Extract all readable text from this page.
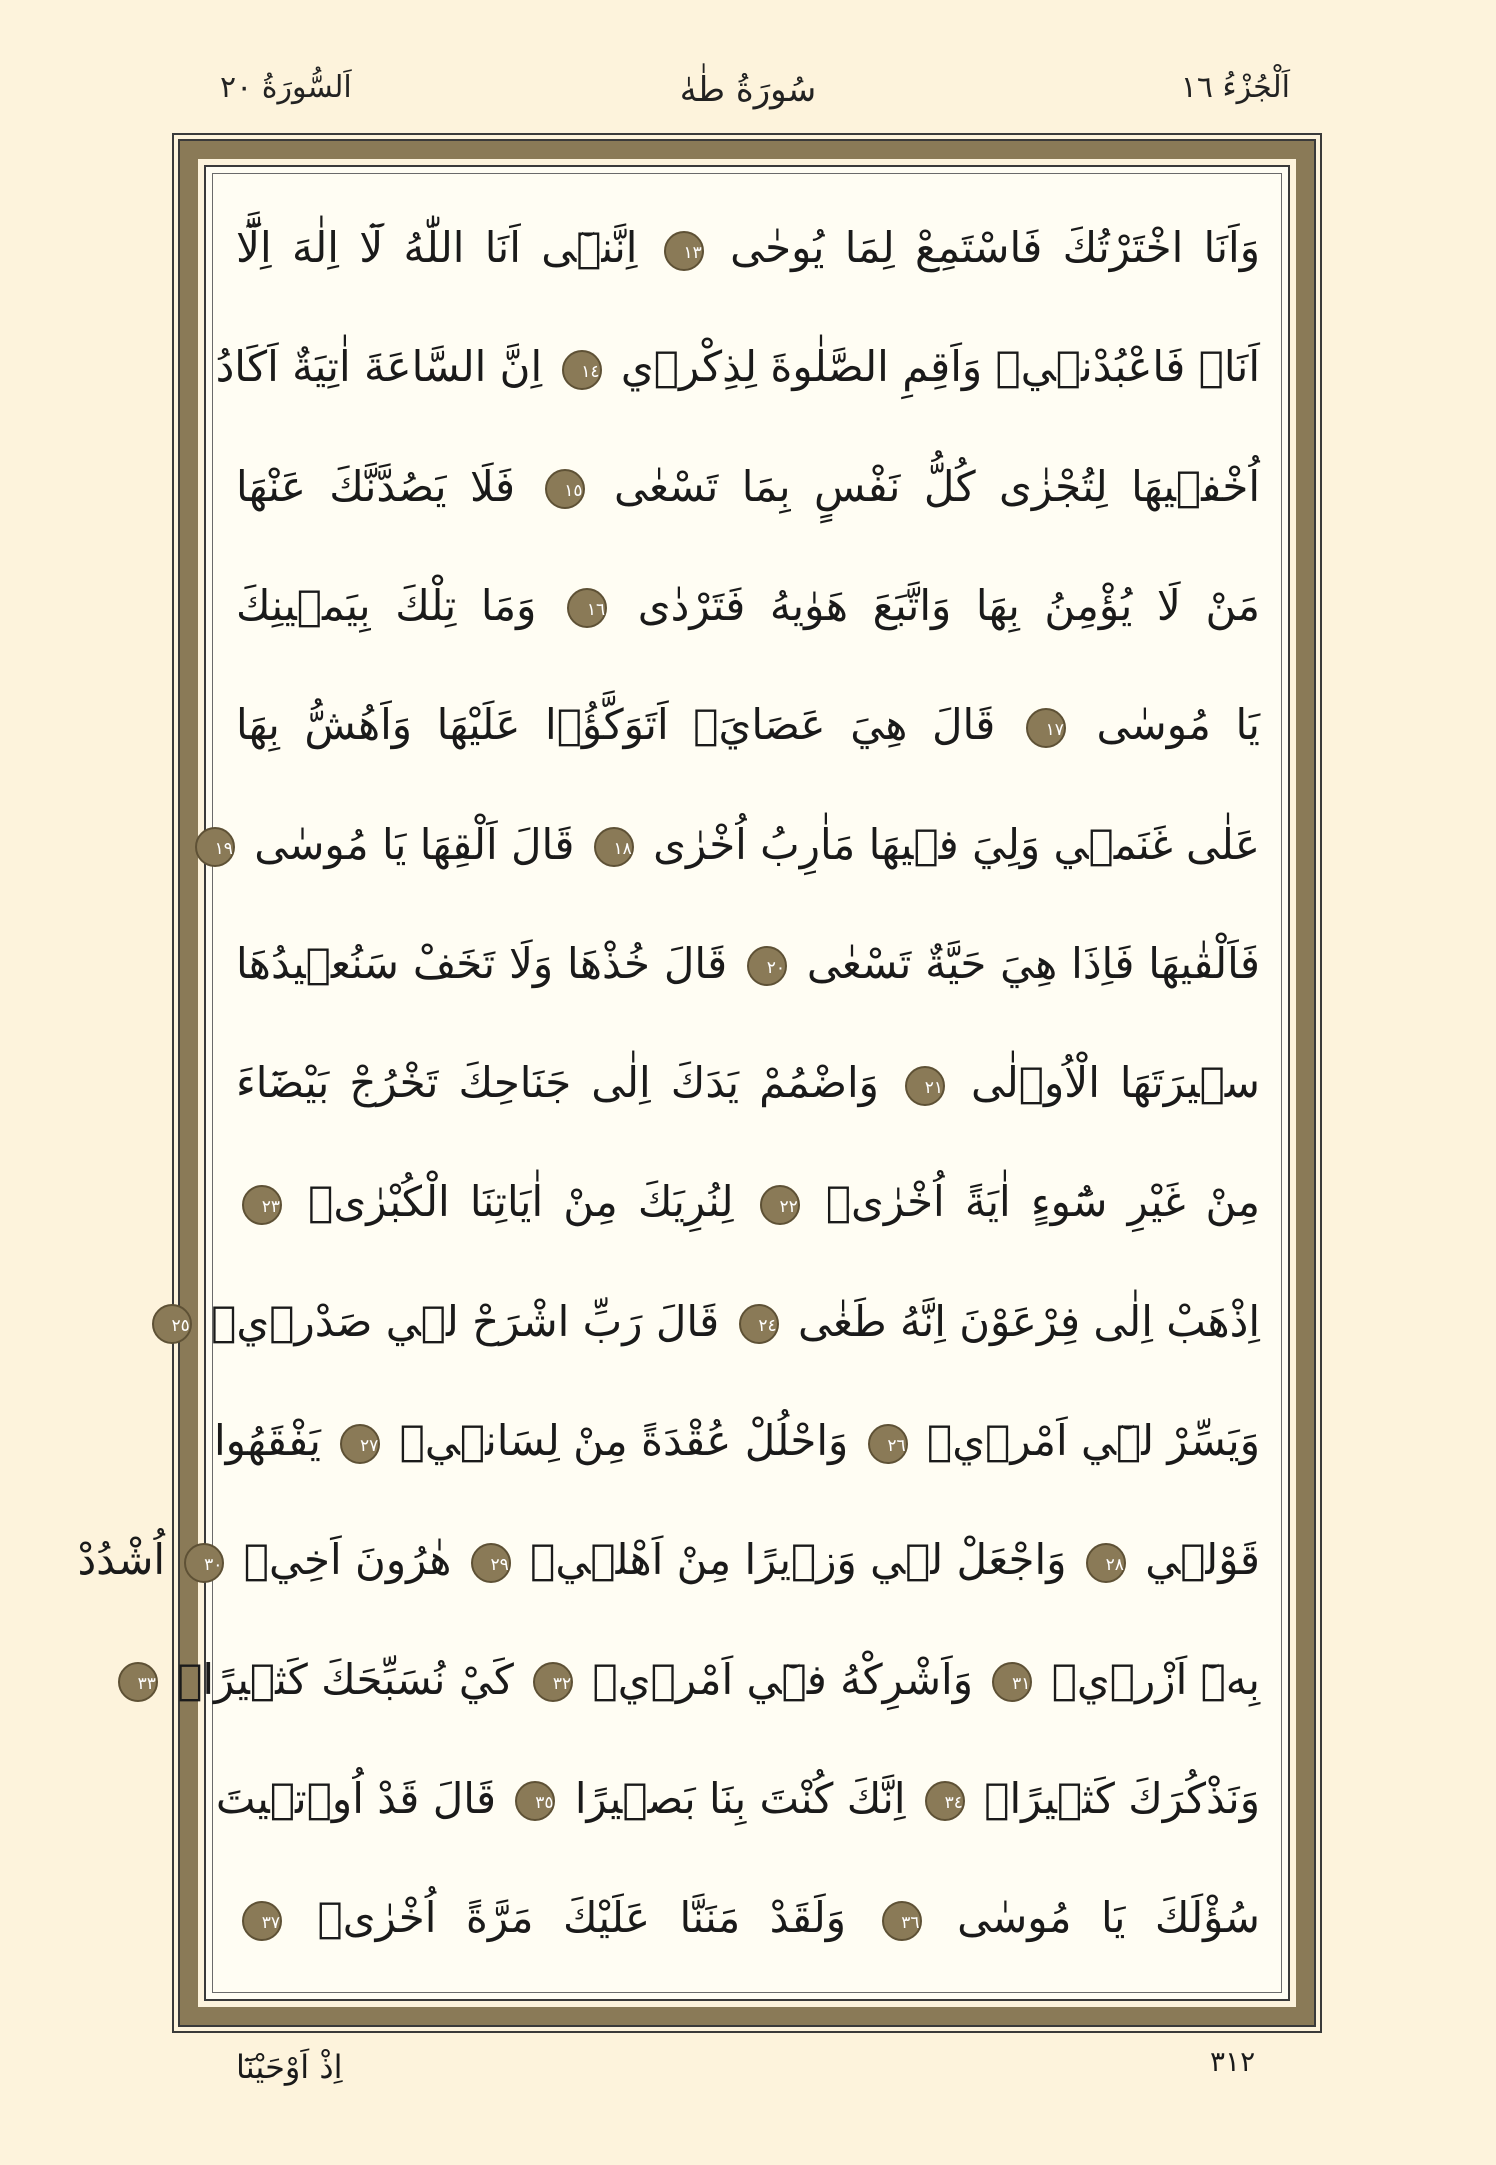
اَلْجُزْءُ ١٦
سُورَةُ طٰهٰ
اَلسُّورَةُ ٢٠
وَاَنَا اخْتَرْتُكَ فَاسْتَمِعْ لِمَا يُوحٰى ١٣ اِنَّن۪ٓى اَنَا اللّٰهُ لَٓا اِلٰهَ اِلَّٓا
اَنَا۬ فَاعْبُدْن۪يۙ وَاَقِمِ الصَّلٰوةَ لِذِكْر۪ي ١٤ اِنَّ السَّاعَةَ اٰتِيَةٌ اَكَادُ
اُخْف۪يهَا لِتُجْزٰى كُلُّ نَفْسٍ بِمَا تَسْعٰى ١٥ فَلَا يَصُدَّنَّكَ عَنْهَا
مَنْ لَا يُؤْمِنُ بِهَا وَاتَّبَعَ هَوٰيهُ فَتَرْدٰى ١٦ وَمَا تِلْكَ بِيَم۪ينِكَ
يَا مُوسٰى ١٧ قَالَ هِيَ عَصَايَۚ اَتَوَكَّؤُ۬ا عَلَيْهَا وَاَهُشُّ بِهَا
عَلٰى غَنَم۪ي وَلِيَ ف۪يهَا مَاٰرِبُ اُخْرٰى ١٨ قَالَ اَلْقِهَا يَا مُوسٰى ١٩
فَاَلْقٰيهَا فَاِذَا هِيَ حَيَّةٌ تَسْعٰى ٢٠ قَالَ خُذْهَا وَلَا تَخَفْ سَنُع۪يدُهَا
س۪يرَتَهَا الْاُو۫لٰى ٢١ وَاضْمُمْ يَدَكَ اِلٰى جَنَاحِكَ تَخْرُجْ بَيْضَٓاءَ
مِنْ غَيْرِ سُٓوءٍ اٰيَةً اُخْرٰىۙ ٢٢ لِنُرِيَكَ مِنْ اٰيَاتِنَا الْكُبْرٰىۚ ٢٣
اِذْهَبْ اِلٰى فِرْعَوْنَ اِنَّهُ طَغٰى ٢٤ قَالَ رَبِّ اشْرَحْ ل۪ي صَدْر۪يۙ ٢٥
وَيَسِّرْ ل۪ٓي اَمْر۪يۙ ٢٦ وَاحْلُلْ عُقْدَةً مِنْ لِسَان۪يۙ ٢٧ يَفْقَهُوا
قَوْل۪ي ٢٨ وَاجْعَلْ ل۪ي وَز۪يرًا مِنْ اَهْل۪يۙ ٢٩ هٰرُونَ اَخِيۚ ٣٠ اُشْدُدْ
بِه۪ٓ اَزْر۪يۙ ٣١ وَاَشْرِكْهُ ف۪ٓي اَمْر۪يۙ ٣٢ كَيْ نُسَبِّحَكَ كَث۪يرًاۙ ٣٣
وَنَذْكُرَكَ كَث۪يرًاۜ ٣٤ اِنَّكَ كُنْتَ بِنَا بَص۪يرًا ٣٥ قَالَ قَدْ اُو۫ت۪يتَ
سُؤْلَكَ يَا مُوسٰى ٣٦ وَلَقَدْ مَنَنَّا عَلَيْكَ مَرَّةً اُخْرٰىۙ ٣٧
٣١٢
اِذْ اَوْحَيْنَٓا
